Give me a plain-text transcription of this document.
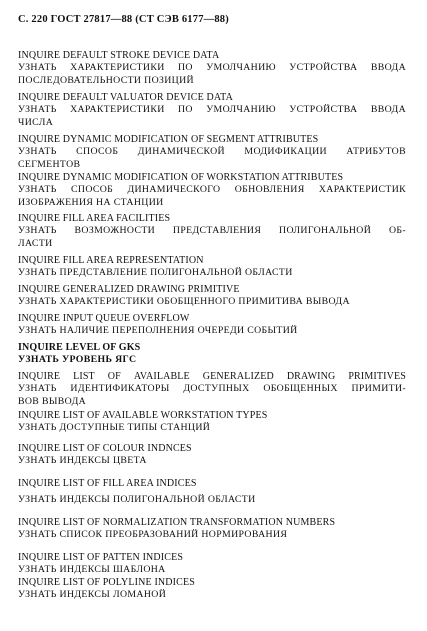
С. 220 ГОСТ 27817—88 (СТ СЭВ 6177—88)
INQUIRE DEFAULT STROKE DEVICE DATA
УЗНАТЬ ХАРАКТЕРИСТИКИ ПО УМОЛЧАНИЮ УСТРОЙСТВА ВВОДА
ПОСЛЕДОВАТЕЛЬНОСТИ ПОЗИЦИЙ
INQUIRE DEFAULT VALUATOR DEVICE DATA
УЗНАТЬ ХАРАКТЕРИСТИКИ ПО УМОЛЧАНИЮ УСТРОЙСТВА ВВОДА
ЧИСЛА
INQUIRE DYNAMIC MODIFICATION OF SEGMENT ATTRIBUTES
УЗНАТЬ СПОСОБ ДИНАМИЧЕСКОЙ МОДИФИКАЦИИ АТРИБУТОВ
СЕГМЕНТОВ
INQUIRE DYNAMIC MODIFICATION OF WORKSTATION ATTRIBUTES
УЗНАТЬ СПОСОБ ДИНАМИЧЕСКОГО ОБНОВЛЕНИЯ ХАРАКТЕРИСТИК
ИЗОБРАЖЕНИЯ НА СТАНЦИИ
INQUIRE FILL AREA FACILITIES
УЗНАТЬ ВОЗМОЖНОСТИ ПРЕДСТАВЛЕНИЯ ПОЛИГОНАЛЬНОЙ ОБ-
ЛАСТИ
INQUIRE FILL AREA REPRESENTATION
УЗНАТЬ ПРЕДСТАВЛЕНИЕ ПОЛИГОНАЛЬНОЙ ОБЛАСТИ
INQUIRE GENERALIZED DRAWING PRIMITIVE
УЗНАТЬ ХАРАКТЕРИСТИКИ ОБОБЩЕННОГО ПРИМИТИВА ВЫВОДА
INQUIRE INPUT QUEUE OVERFLOW
УЗНАТЬ НАЛИЧИЕ ПЕРЕПОЛНЕНИЯ ОЧЕРЕДИ СОБЫТИЙ
INQUIRE LEVEL OF GKS
УЗНАТЬ УРОВЕНЬ ЯГС
INQUIRE LIST OF AVAILABLE GENERALIZED DRAWING PRIMITIVES
УЗНАТЬ ИДЕНТИФИКАТОРЫ ДОСТУПНЫХ ОБОБЩЕННЫХ ПРИМИТИ-
ВОВ ВЫВОДА
INQUIRE LIST OF AVAILABLE WORKSTATION TYPES
УЗНАТЬ ДОСТУПНЫЕ ТИПЫ СТАНЦИЙ
INQUIRE LIST OF COLOUR INDNCES
УЗНАТЬ ИНДЕКСЫ ЦВЕТА
INQUIRE LIST OF FILL AREA INDICES
УЗНАТЬ ИНДЕКСЫ ПОЛИГОНАЛЬНОЙ ОБЛАСТИ
INQUIRE LIST OF NORMALIZATION TRANSFORMATION NUMBERS
УЗНАТЬ СПИСОК ПРЕОБРАЗОВАНИЙ НОРМИРОВАНИЯ
INQUIRE LIST OF PATTEN INDICES
УЗНАТЬ ИНДЕКСЫ ШАБЛОНА
INQUIRE LIST OF POLYLINE INDICES
УЗНАТЬ ИНДЕКСЫ ЛОМАНОЙ
